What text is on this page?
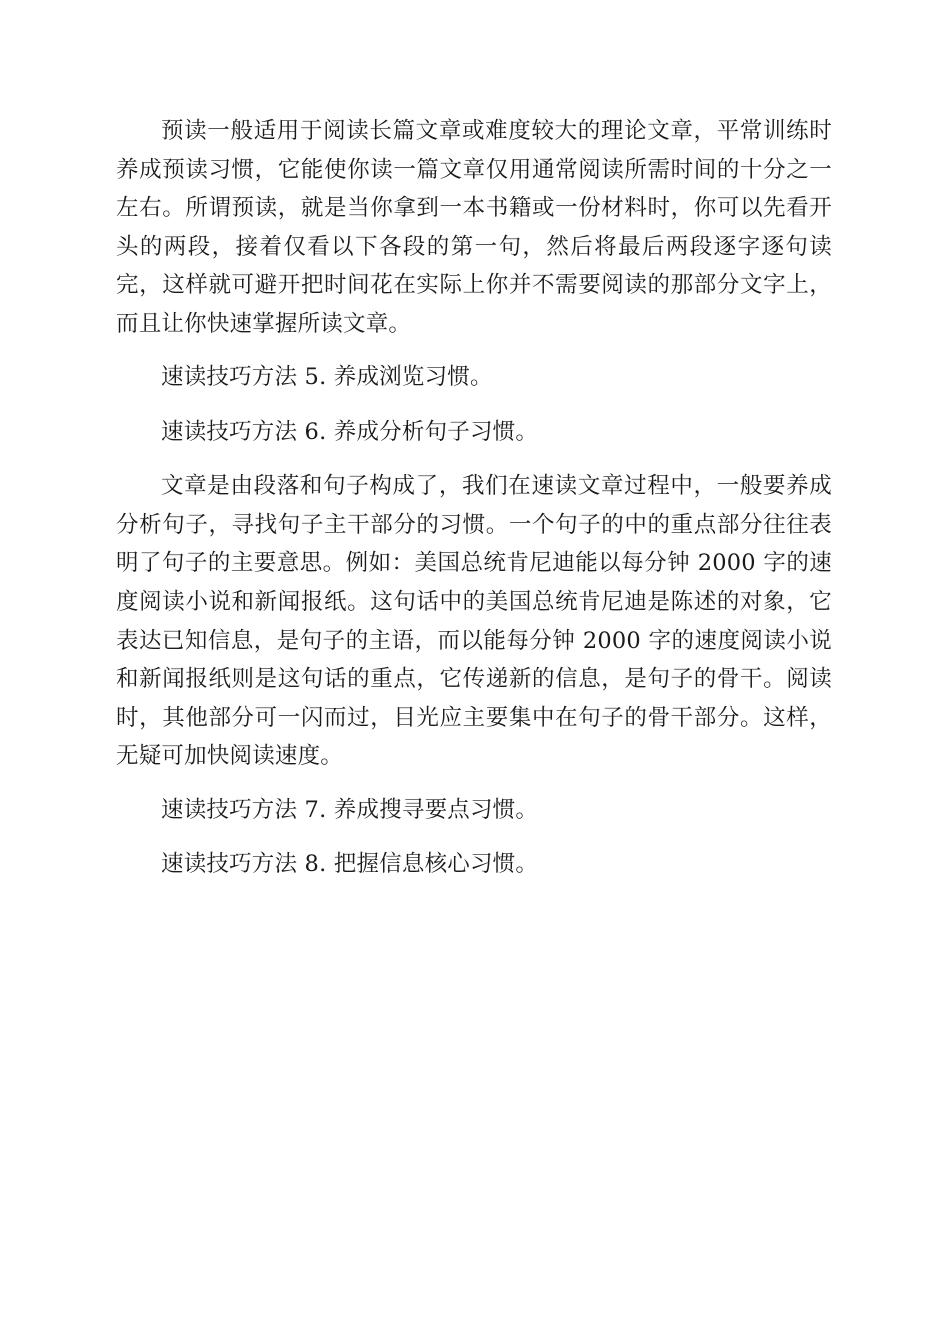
预读一般适用于阅读长篇文章或难度较大的理论文章，平常训练时养成预读习惯，它能使你读一篇文章仅用通常阅读所需时间的十分之一左右。所谓预读，就是当你拿到一本书籍或一份材料时，你可以先看开头的两段，接着仅看以下各段的第一句，然后将最后两段逐字逐句读完，这样就可避开把时间花在实际上你并不需要阅读的那部分文字上，而且让你快速掌握所读文章。

速读技巧方法 5. 养成浏览习惯。

速读技巧方法 6. 养成分析句子习惯。

文章是由段落和句子构成了，我们在速读文章过程中，一般要养成分析句子，寻找句子主干部分的习惯。一个句子的中的重点部分往往表明了句子的主要意思。例如：美国总统肯尼迪能以每分钟 2000 字的速度阅读小说和新闻报纸。这句话中的美国总统肯尼迪是陈述的对象，它表达已知信息，是句子的主语，而以能每分钟 2000 字的速度阅读小说和新闻报纸则是这句话的重点，它传递新的信息，是句子的骨干。阅读时，其他部分可一闪而过，目光应主要集中在句子的骨干部分。这样，无疑可加快阅读速度。

速读技巧方法 7. 养成搜寻要点习惯。

速读技巧方法 8. 把握信息核心习惯。
